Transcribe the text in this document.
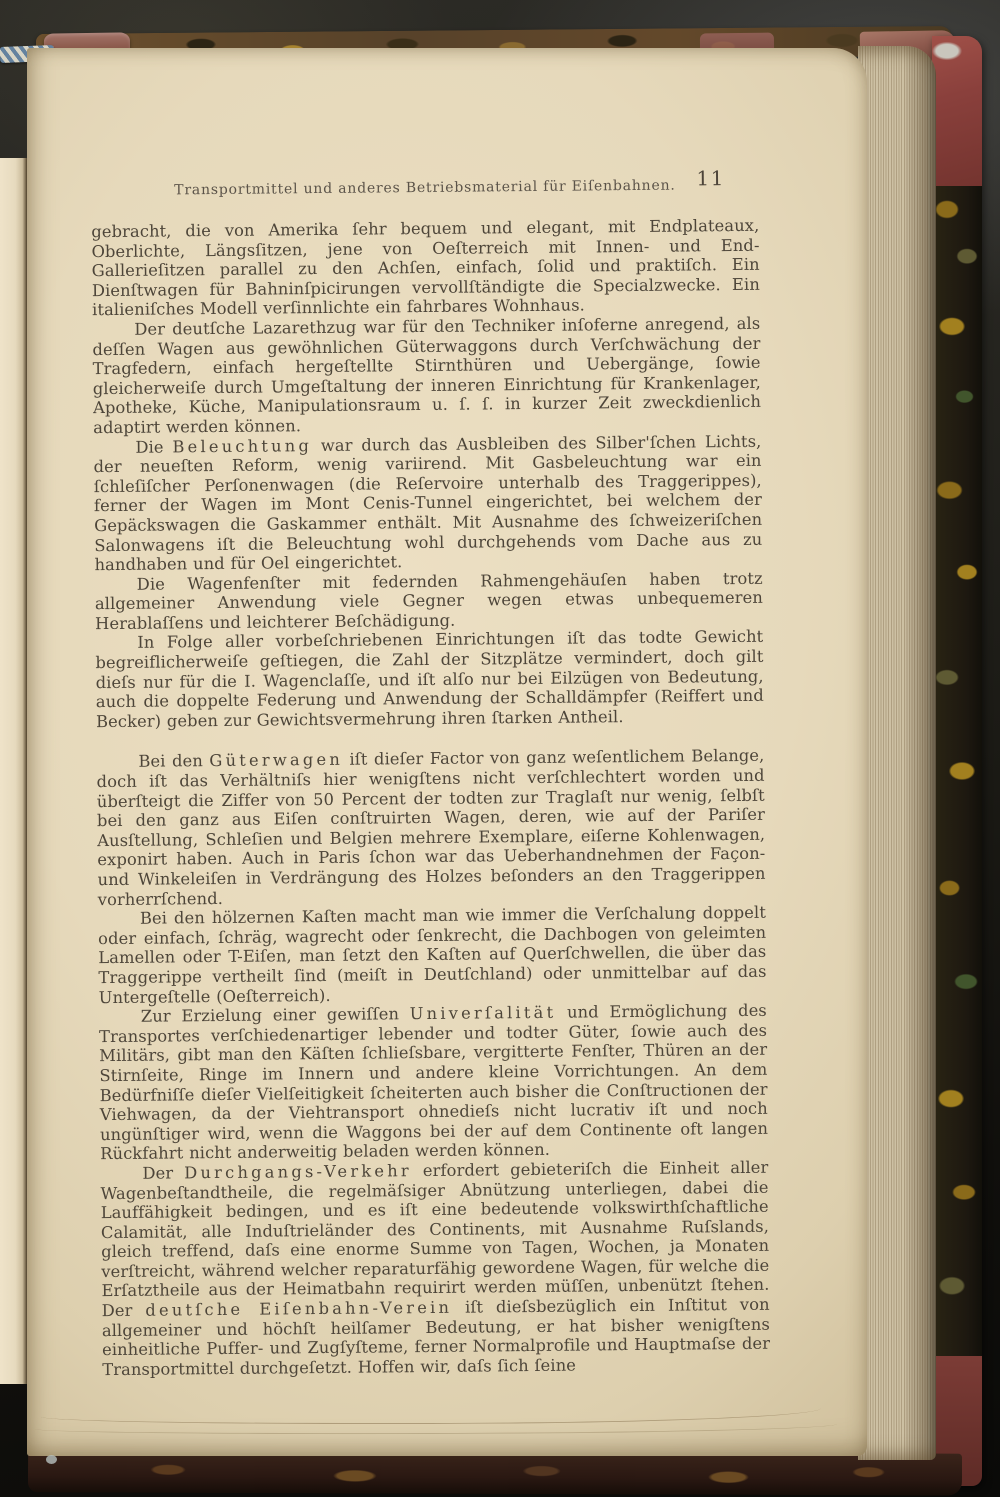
Transportmittel und anderes Betriebsmaterial für Eiſenbahnen. 11

gebracht, die von Amerika ſehr bequem und elegant, mit Endplateaux, Oberlichte, Längsſitzen, jene von Oeſterreich mit Innen- und End-Gallerieſitzen parallel zu den Achſen, einfach, ſolid und praktiſch. Ein Dienſtwagen für Bahninſpicirungen vervollſtändigte die Specialzwecke. Ein italieniſches Modell verſinnlichte ein fahrbares Wohnhaus.

Der deutſche Lazarethzug war für den Techniker inſoferne anregend, als deſſen Wagen aus gewöhnlichen Güterwaggons durch Verſchwächung der Tragfedern, einfach hergeſtellte Stirnthüren und Uebergänge, ſowie gleicherweiſe durch Umgeſtaltung der inneren Einrichtung für Krankenlager, Apotheke, Küche, Manipulationsraum u. ſ. ſ. in kurzer Zeit zweckdienlich adaptirt werden können.

Die Beleuchtung war durch das Ausbleiben des Silber'ſchen Lichts, der neueſten Reform, wenig variirend. Mit Gasbeleuchtung war ein ſchleſiſcher Perſonenwagen (die Reſervoire unterhalb des Traggerippes), ferner der Wagen im Mont Cenis-Tunnel eingerichtet, bei welchem der Gepäckswagen die Gaskammer enthält. Mit Ausnahme des ſchweizeriſchen Salonwagens iſt die Beleuchtung wohl durchgehends vom Dache aus zu handhaben und für Oel eingerichtet.

Die Wagenfenſter mit federnden Rahmengehäuſen haben trotz allgemeiner Anwendung viele Gegner wegen etwas unbequemeren Herablaſſens und leichterer Beſchädigung.

In Folge aller vorbeſchriebenen Einrichtungen iſt das todte Gewicht begreiflicherweiſe geſtiegen, die Zahl der Sitzplätze vermindert, doch gilt dieſs nur für die I. Wagenclaſſe, und iſt alſo nur bei Eilzügen von Bedeutung, auch die doppelte Federung und Anwendung der Schalldämpfer (Reiffert und Becker) geben zur Gewichtsvermehrung ihren ſtarken Antheil.

Bei den Güterwagen iſt dieſer Factor von ganz weſentlichem Belange, doch iſt das Verhältniſs hier wenigſtens nicht verſchlechtert worden und überſteigt die Ziffer von 50 Percent der todten zur Traglaſt nur wenig, ſelbſt bei den ganz aus Eiſen conſtruirten Wagen, deren, wie auf der Pariſer Ausſtellung, Schleſien und Belgien mehrere Exemplare, eiſerne Kohlenwagen, exponirt haben. Auch in Paris ſchon war das Ueberhandnehmen der Façon- und Winkeleiſen in Verdrängung des Holzes beſonders an den Traggerippen vorherrſchend.

Bei den hölzernen Kaſten macht man wie immer die Verſchalung doppelt oder einfach, ſchräg, wagrecht oder ſenkrecht, die Dachbogen von geleimten Lamellen oder T-Eiſen, man ſetzt den Kaſten auf Querſchwellen, die über das Traggerippe vertheilt ſind (meiſt in Deutſchland) oder unmittelbar auf das Untergeſtelle (Oeſterreich).

Zur Erzielung einer gewiſſen Univerſalität und Ermöglichung des Transportes verſchiedenartiger lebender und todter Güter, ſowie auch des Militärs, gibt man den Käſten ſchlieſsbare, vergitterte Fenſter, Thüren an der Stirnſeite, Ringe im Innern und andere kleine Vorrichtungen. An dem Bedürfniſſe dieſer Vielſeitigkeit ſcheiterten auch bisher die Conſtructionen der Viehwagen, da der Viehtransport ohnedieſs nicht lucrativ iſt und noch ungünſtiger wird, wenn die Waggons bei der auf dem Continente oft langen Rückfahrt nicht anderweitig beladen werden können.

Der Durchgangs-Verkehr erfordert gebieteriſch die Einheit aller Wagenbeſtandtheile, die regelmäſsiger Abnützung unterliegen, dabei die Lauffähigkeit bedingen, und es iſt eine bedeutende volkswirthſchaftliche Calamität, alle Induſtrieländer des Continents, mit Ausnahme Ruſslands, gleich treffend, daſs eine enorme Summe von Tagen, Wochen, ja Monaten verſtreicht, während welcher reparaturfähig gewordene Wagen, für welche die Erſatztheile aus der Heimatbahn requirirt werden müſſen, unbenützt ſtehen. Der deutſche Eiſenbahn-Verein iſt dieſsbezüglich ein Inſtitut von allgemeiner und höchſt heilſamer Bedeutung, er hat bisher wenigſtens einheitliche Puffer- und Zugſyſteme, ferner Normalprofile und Hauptmaſse der Transportmittel durchgeſetzt. Hoffen wir, daſs ſich ſeine
